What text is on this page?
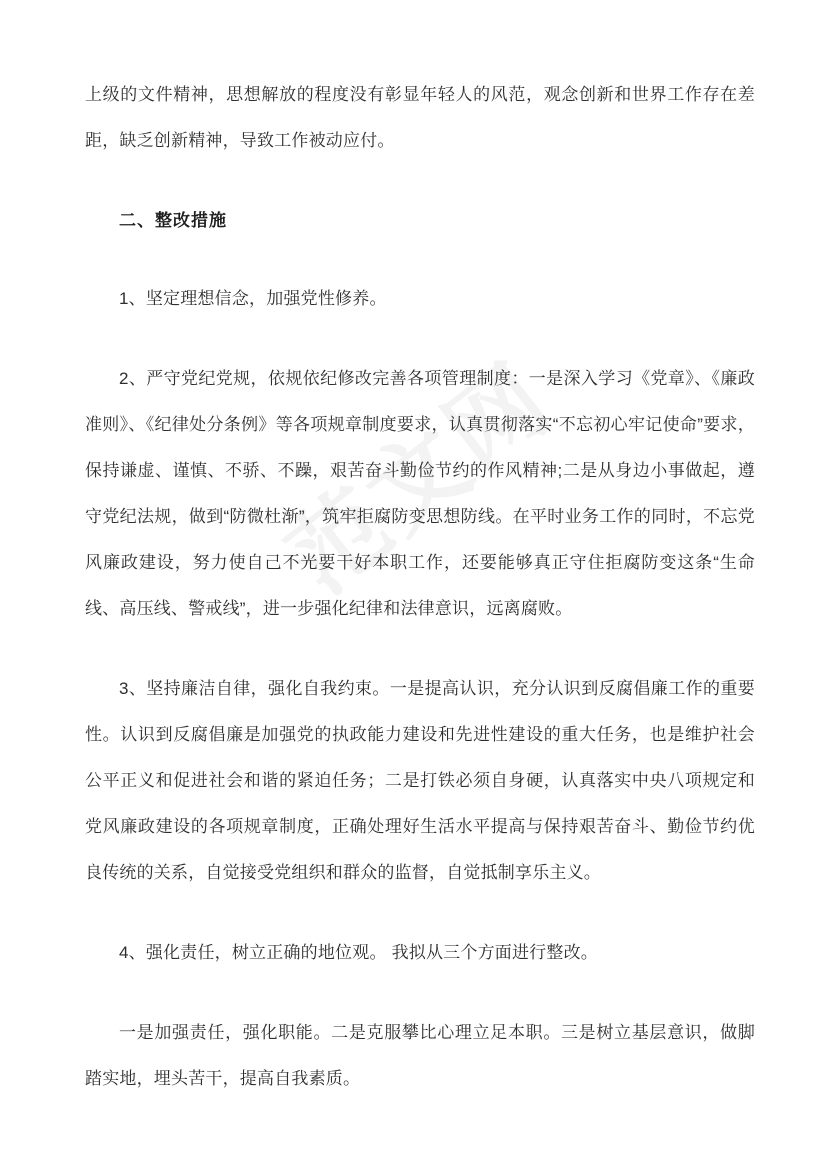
上级的文件精神，思想解放的程度没有彰显年轻人的风范，观念创新和世界工作存在差距，缺乏创新精神，导致工作被动应付。

二、整改措施

1、坚定理想信念，加强党性修养。

2、严守党纪党规，依规依纪修改完善各项管理制度：一是深入学习《党章》、《廉政准则》、《纪律处分条例》等各项规章制度要求，认真贯彻落实“不忘初心牢记使命”要求，保持谦虚、谨慎、不骄、不躁，艰苦奋斗勤俭节约的作风精神;二是从身边小事做起，遵守党纪法规，做到“防微杜渐”，筑牢拒腐防变思想防线。在平时业务工作的同时，不忘党风廉政建设，努力使自己不光要干好本职工作，还要能够真正守住拒腐防变这条“生命线、高压线、警戒线”，进一步强化纪律和法律意识，远离腐败。

3、坚持廉洁自律，强化自我约束。一是提高认识，充分认识到反腐倡廉工作的重要性。认识到反腐倡廉是加强党的执政能力建设和先进性建设的重大任务，也是维护社会公平正义和促进社会和谐的紧迫任务；二是打铁必须自身硬，认真落实中央八项规定和党风廉政建设的各项规章制度，正确处理好生活水平提高与保持艰苦奋斗、勤俭节约优良传统的关系，自觉接受党组织和群众的监督，自觉抵制享乐主义。

4、强化责任，树立正确的地位观。 我拟从三个方面进行整改。

一是加强责任，强化职能。二是克服攀比心理立足本职。三是树立基层意识，做脚踏实地，埋头苦干，提高自我素质。
